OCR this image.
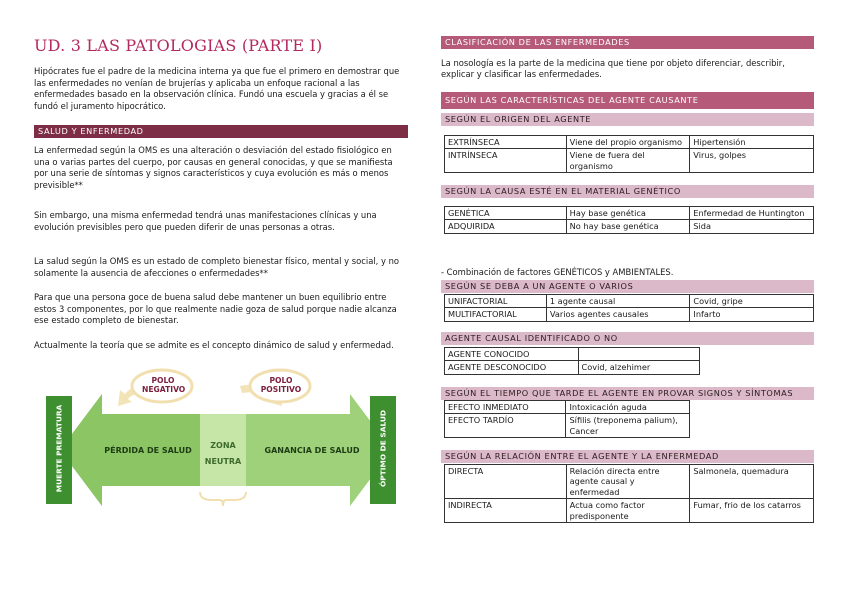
UD. 3 LAS PATOLOGIAS (PARTE I)
Hipócrates fue el padre de la medicina interna ya que fue el primero en demostrar que las enfermedades no venían de brujerías y aplicaba un enfoque racional a las enfermedades basado en la observación clínica. Fundó una escuela y gracias a él se fundó el juramento hipocrático.
SALUD Y ENFERMEDAD
La enfermedad según la OMS es una alteración o desviación del estado fisiológico en una o varias partes del cuerpo, por causas en general conocidas, y que se manifiesta por una serie de síntomas y signos característicos y cuya evolución es más o menos previsible**
Sin embargo, una misma enfermedad tendrá unas manifestaciones clínicas y una evolución previsibles pero que pueden diferir de unas personas a otras.
La salud según la OMS es un estado de completo bienestar físico, mental y social, y no solamente la ausencia de afecciones o enfermedades**
Para que una persona goce de buena salud debe mantener un buen equilibrio entre estos 3 componentes, por lo que realmente nadie goza de salud porque nadie alcanza ese estado completo de bienestar.
Actualmente la teoría que se admite es el concepto dinámico de salud y enfermedad.
POLO
NEGATIVO
POLO
POSITIVO
MUERTE PREMATURA	ÓPTIMO DE SALUD
PÉRDIDA DE SALUD	GANANCIA DE SALUD
ZONA
NEUTRA
CLASIFICACIÓN DE LAS ENFERMEDADES
La nosología es la parte de la medicina que tiene por objeto diferenciar, describir, explicar y clasificar las enfermedades.
SEGÚN LAS CARACTERÍSTICAS DEL AGENTE CAUSANTE
SEGÚN EL ORIGEN DEL AGENTE
EXTRÍNSECA	Viene del propio organismo	Hipertensión
INTRÍNSECA	Viene de fuera del organismo	Virus, golpes
SEGÚN LA CAUSA ESTÉ EN EL MATERIAL GENÉTICO
GENÉTICA	Hay base genética	Enfermedad de Huntington
ADQUIRIDA	No hay base genética	Sida
- Combinación de factores GENÉTICOS y AMBIENTALES.
SEGÚN SE DEBA A UN AGENTE O VARIOS
UNIFACTORIAL	1 agente causal	Covid, gripe
MULTIFACTORIAL	Varios agentes causales	Infarto
AGENTE CAUSAL IDENTIFICADO O NO
AGENTE CONOCIDO	
AGENTE DESCONOCIDO	Covid, alzehimer
SEGÚN EL TIEMPO QUE TARDE EL AGENTE EN PROVAR SIGNOS Y SÍNTOMAS
EFECTO INMEDIATO	Intoxicación aguda
EFECTO TARDÍO	Sífilis (treponema palium), Cancer
SEGÚN LA RELACIÓN ENTRE EL AGENTE Y LA ENFERMEDAD
DIRECTA	Relación directa entre agente causal y enfermedad	Salmonela, quemadura
INDIRECTA	Actua como factor predisponente	Fumar, frio de los catarros
